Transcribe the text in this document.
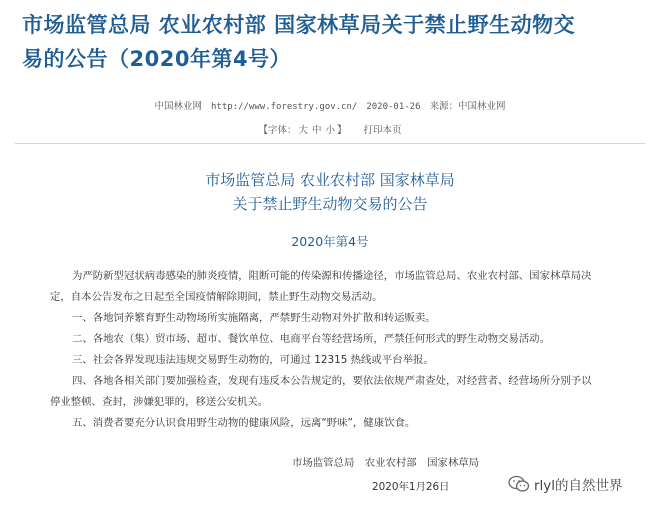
市场监管总局 农业农村部 国家林草局关于禁止野生动物交
易的公告（2020年第4号）
中国林业网 http://www.forestry.gov.cn/ 2020-01-26 来源：中国林业网
【字体： 大 中 小 】 打印本页
市场监管总局 农业农村部 国家林草局
关于禁止野生动物交易的公告
2020年第4号
为严防新型冠状病毒感染的肺炎疫情，阻断可能的传染源和传播途径，市场监管总局、农业农村部、国家林草局决
定，自本公告发布之日起至全国疫情解除期间，禁止野生动物交易活动。
一、各地饲养繁育野生动物场所实施隔离，严禁野生动物对外扩散和转运贩卖。
二、各地农（集）贸市场、超市、餐饮单位、电商平台等经营场所，严禁任何形式的野生动物交易活动。
三、社会各界发现违法违规交易野生动物的，可通过 12315 热线或平台举报。
四、各地各相关部门要加强检查，发现有违反本公告规定的，要依法依规严肃查处，对经营者、经营场所分别予以
停业整顿、查封，涉嫌犯罪的，移送公安机关。
五、消费者要充分认识食用野生动物的健康风险，远离“野味”，健康饮食。
市场监管总局　农业农村部　国家林草局
2020年1月26日	rlyl的自然世界
